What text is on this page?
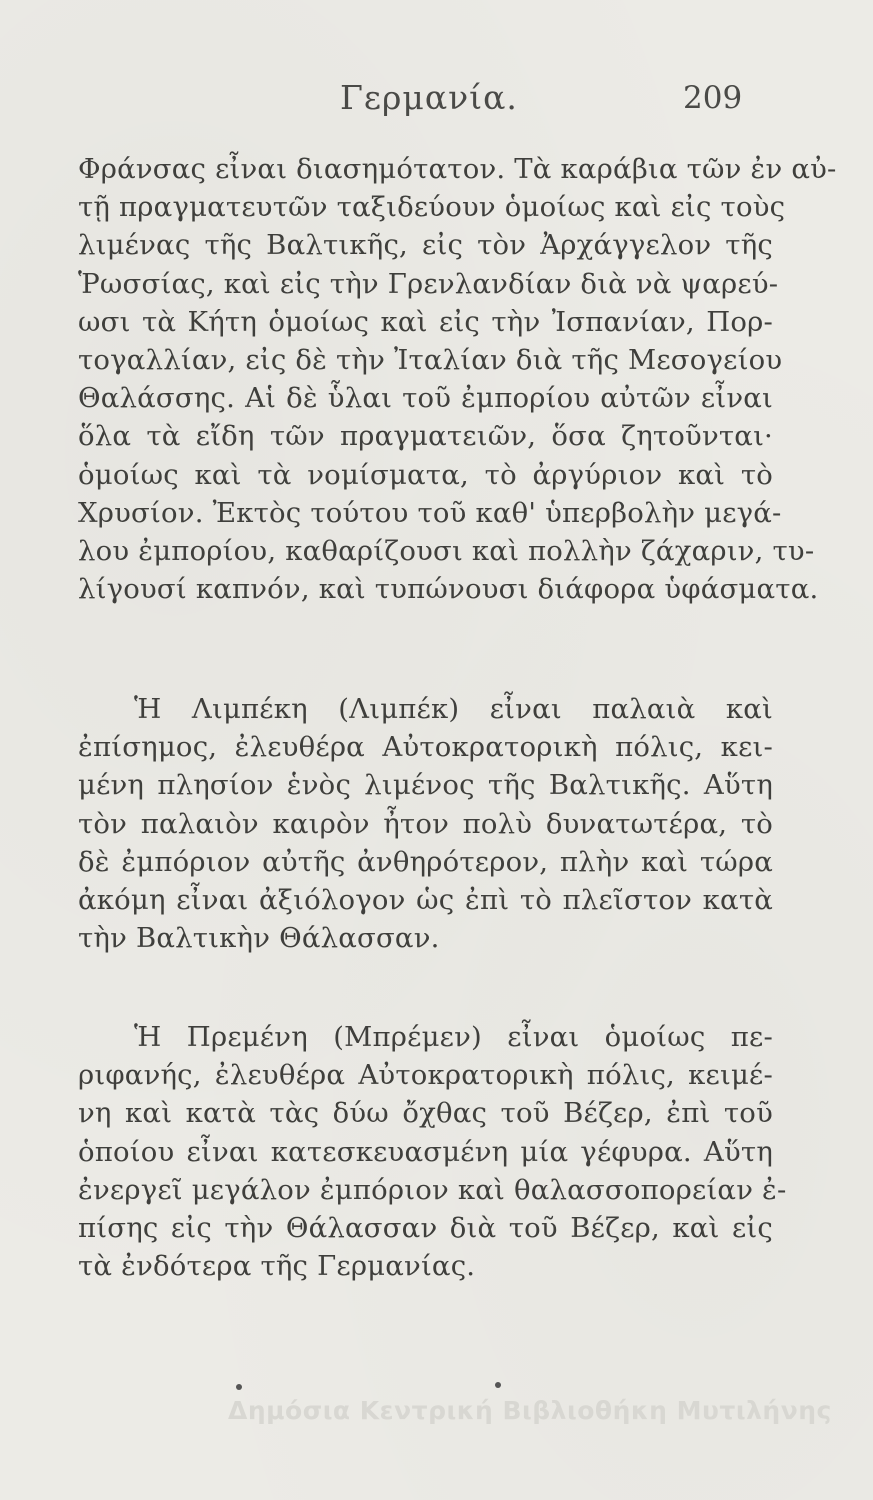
Γερμανία.	209
Φράνσας εἶναι διασημότατον. Τὰ καράβια τῶν ἐν αὐ-
τῇ πραγματευτῶν ταξιδεύουν ὁμοίως καὶ εἰς τοὺς
λιμένας τῆς Βαλτικῆς, εἰς τὸν Ἀρχάγγελον τῆς
Ῥωσσίας, καὶ εἰς τὴν Γρενλανδίαν διὰ νὰ ψαρεύ-
ωσι τὰ Κήτη ὁμοίως καὶ εἰς τὴν Ἰσπανίαν, Πορ-
τογαλλίαν, εἰς δὲ τὴν Ἰταλίαν διὰ τῆς Μεσογείου
Θαλάσσης. Αἱ δὲ ὗλαι τοῦ ἐμπορίου αὐτῶν εἶναι
ὅλα τὰ εἴδη τῶν πραγματειῶν, ὅσα ζητοῦνται·
ὁμοίως καὶ τὰ νομίσματα, τὸ ἀργύριον καὶ τὸ
Χρυσίον. Ἐκτὸς τούτου τοῦ καθ' ὑπερβολὴν μεγά-
λου ἐμπορίου, καθαρίζουσι καὶ πολλὴν ζάχαριν, τυ-
λίγουσί καπνόν, καὶ τυπώνουσι διάφορα ὑφάσματα.
Ἡ Λιμπέκη (Λιμπέκ) εἶναι παλαιὰ καὶ
ἐπίσημος, ἐλευθέρα Αὐτοκρατορικὴ πόλις, κει-
μένη πλησίον ἑνὸς λιμένος τῆς Βαλτικῆς. Αὕτη
τὸν παλαιὸν καιρὸν ἦτον πολὺ δυνατωτέρα, τὸ
δὲ ἐμπόριον αὐτῆς ἀνθηρότερον, πλὴν καὶ τώρα
ἀκόμη εἶναι ἀξιόλογον ὡς ἐπὶ τὸ πλεῖστον κατὰ
τὴν Βαλτικὴν Θάλασσαν.
Ἡ Πρεμένη (Μπρέμεν) εἶναι ὁμοίως πε-
ριφανής, ἐλευθέρα Αὐτοκρατορικὴ πόλις, κειμέ-
νη καὶ κατὰ τὰς δύω ὄχθας τοῦ Βέζερ, ἐπὶ τοῦ
ὁποίου εἶναι κατεσκευασμένη μία γέφυρα. Αὕτη
ἐνεργεῖ μεγάλον ἐμπόριον καὶ θαλασσοπορείαν ἐ-
πίσης εἰς τὴν Θάλασσαν διὰ τοῦ Βέζερ, καὶ εἰς
τὰ ἐνδότερα τῆς Γερμανίας.
Δημόσια Κεντρική Βιβλιοθήκη Μυτιλήνης
